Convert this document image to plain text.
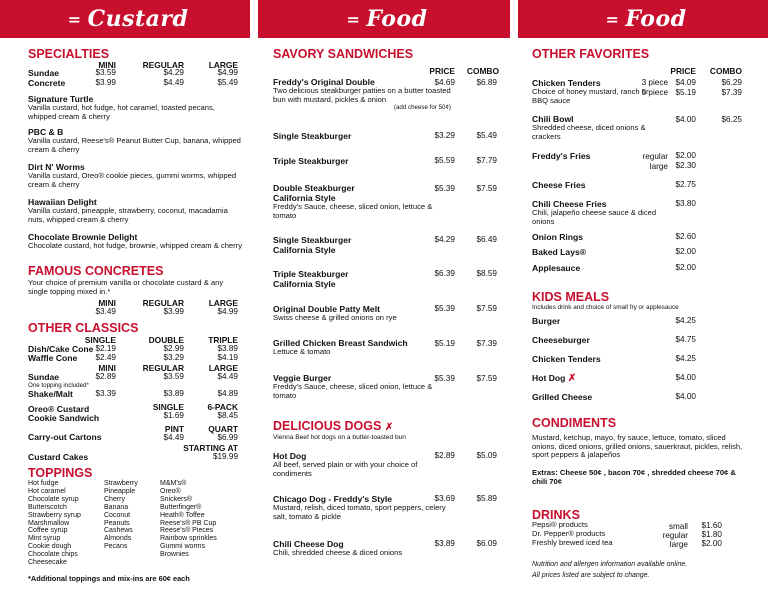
= Custard	= Food	= Food
SPECIALTIES
MINI	REGULAR	LARGE
Sundae	$3.59	$4.29	$4.99
Concrete	$3.99	$4.49	$5.49
Signature Turtle
Vanilla custard, hot fudge, hot caramel, toasted pecans, whipped cream & cherry
PBC & B
Vanilla custard, Reese's® Peanut Butter Cup, banana, whipped cream & cherry
Dirt N' Worms
Vanilla custard, Oreo® cookie pieces, gummi worms, whipped cream & cherry
Hawaiian Delight
Vanilla custard, pineapple, strawberry, coconut, macadamia nuts, whipped cream & cherry
Chocolate Brownie Delight
Chocolate custard, hot fudge, brownie, whipped cream & cherry
FAMOUS CONCRETES
Your choice of premium vanilla or chocolate custard & any single topping mixed in.*
MINI	REGULAR	LARGE
$3.49	$3.99	$4.99
OTHER CLASSICS
SINGLE	DOUBLE	TRIPLE
Dish/Cake Cone $2.19	$2.99	$3.89
Waffle Cone	$2.49	$3.29	$4.19
MINI	REGULAR	LARGE
Sundae	$2.89	$3.59	$4.49
One topping included*
Shake/Malt	$3.39	$3.89	$4.89
SINGLE	6-PACK
Oreo® Custard
$1.69	$8.45
Cookie Sandwich
PINT	QUART
Carry-out Cartons	$4.49	$6.99
STARTING AT
Custard Cakes	$19.99
TOPPINGS
Hot fudge
Hot caramel
Chocolate syrup
Butterscotch
Strawberry syrup
Marshmallow
Coffee syrup
Mint syrup
Cookie dough
Chocolate chips
Cheesecake
Strawberry
Pineapple
Cherry
Banana
Coconut
Peanuts
Cashews
Almonds
Pecans
M&M's®
Oreo®
Snickers®
Butterfinger®
Heath® Toffee
Reese's® PB Cup
Reese's® Pieces
Rainbow sprinkles
Gummi worms
Brownies
*Additional toppings and mix-ins are 60¢ each
SAVORY SANDWICHES
PRICE COMBO
Freddy's Original Double
Two delicious steakburger patties on a butter toasted bun with mustard, pickles & onion
(add cheese for 50¢)
$4.69	$6.89
Single Steakburger	$3.29	$5.49
Triple Steakburger	$5.59	$7.79
Double Steakburger
California Style
Freddy's Sauce, cheese, sliced onion, lettuce & tomato
$5.39	$7.59
Single Steakburger
California Style
$4.29	$6.49
Triple Steakburger
California Style
$6.39	$8.59
Original Double Patty Melt
Swiss cheese & grilled onions on rye
$5.39	$7.59
Grilled Chicken Breast Sandwich
Lettuce & tomato
$5.19	$7.39
Veggie Burger
Freddy's Sauce, cheese, sliced onion, lettuce & tomato
$5.39	$7.59
DELICIOUS DOGS ✗
Vienna Beef hot dogs on a butter-toasted bun
Hot Dog
All beef, served plain or with your choice of condiments
$2.89	$5.09
Chicago Dog - Freddy's Style
Mustard, relish, diced tomato, sport peppers, celery salt, tomato & pickle
$3.69	$5.89
Chili Cheese Dog
Chili, shredded cheese & diced onions
$3.89	$6.09
OTHER FAVORITES
PRICE COMBO
Chicken Tenders
Choice of honey mustard, ranch or BBQ sauce
3 piece $4.09	$6.29
5 piece $5.19	$7.39
Chili Bowl
Shredded cheese, diced onions & crackers
$4.00	$6.25
Freddy's Fries	regular $2.00
large $2.30
Cheese Fries	$2.75
Chili Cheese Fries
Chili, jalapeño cheese sauce & diced onions
$3.80
Onion Rings	$2.60
Baked Lays®	$2.00
Applesauce	$2.00
KIDS MEALS
Includes drink and choice of small fry or applesauce
Burger	$4.25
Cheeseburger	$4.75
Chicken Tenders	$4.25
Hot Dog ✗	$4.00
Grilled Cheese	$4.00
CONDIMENTS
Mustard, ketchup, mayo, fry sauce, lettuce, tomato, sliced onions, diced onions, grilled onions, sauerkraut, pickles, relish, sport peppers & jalapeños
Extras: Cheese 50¢ , bacon 70¢ , shredded cheese 70¢ & chili 70¢
DRINKS
Pepsi® products	small $1.60
Dr. Pepper® products	regular $1.80
Freshly brewed iced tea	large $2.00
Nutrition and allergen information available online.
All prices listed are subject to change.
